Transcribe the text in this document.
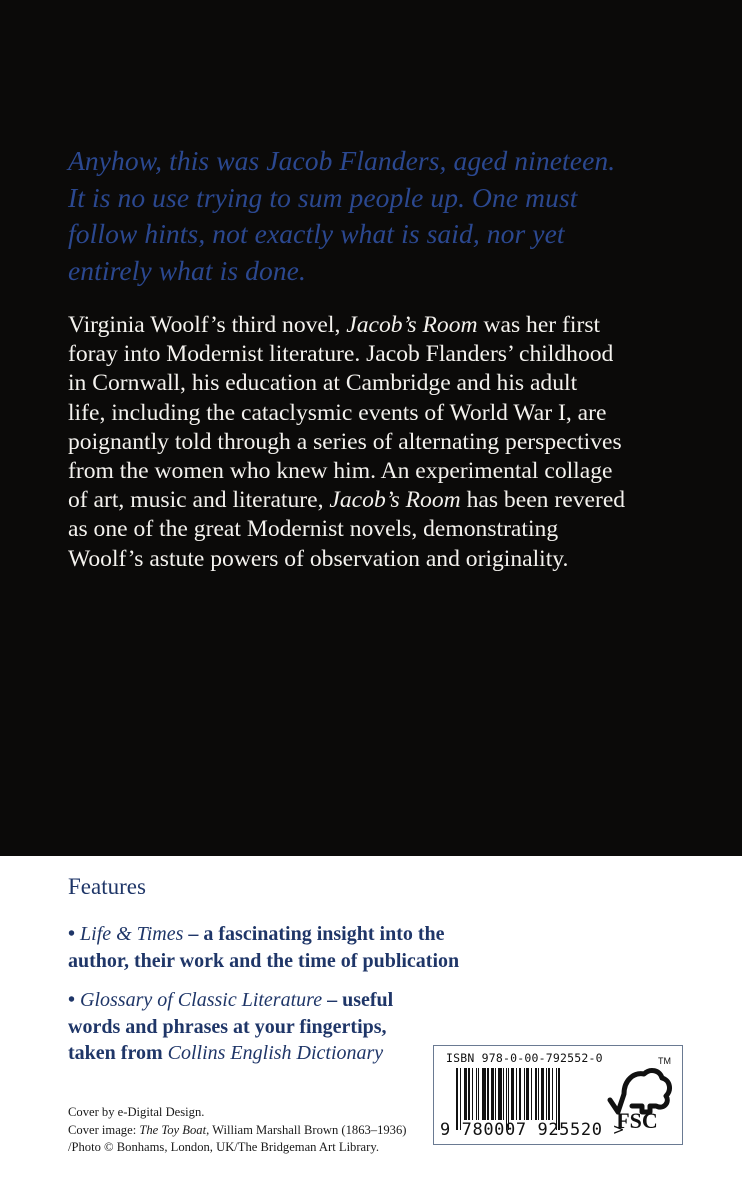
Anyhow, this was Jacob Flanders, aged nineteen.
It is no use trying to sum people up. One must
follow hints, not exactly what is said, nor yet
entirely what is done.
Virginia Woolf’s third novel, Jacob’s Room was her first
foray into Modernist literature. Jacob Flanders’ childhood
in Cornwall, his education at Cambridge and his adult
life, including the cataclysmic events of World War I, are
poignantly told through a series of alternating perspectives
from the women who knew him. An experimental collage
of art, music and literature, Jacob’s Room has been revered
as one of the great Modernist novels, demonstrating
Woolf’s astute powers of observation and originality.
Features
• Life & Times – a fascinating insight into the
author, their work and the time of publication
• Glossary of Classic Literature – useful
words and phrases at your fingertips,
taken from Collins English Dictionary
Cover by e-Digital Design.
Cover image: The Toy Boat, William Marshall Brown (1863–1936)
/Photo © Bonhams, London, UK/The Bridgeman Art Library.
ISBN 978-0-00-792552-0
9 780007 925520 >
TM
FSC
